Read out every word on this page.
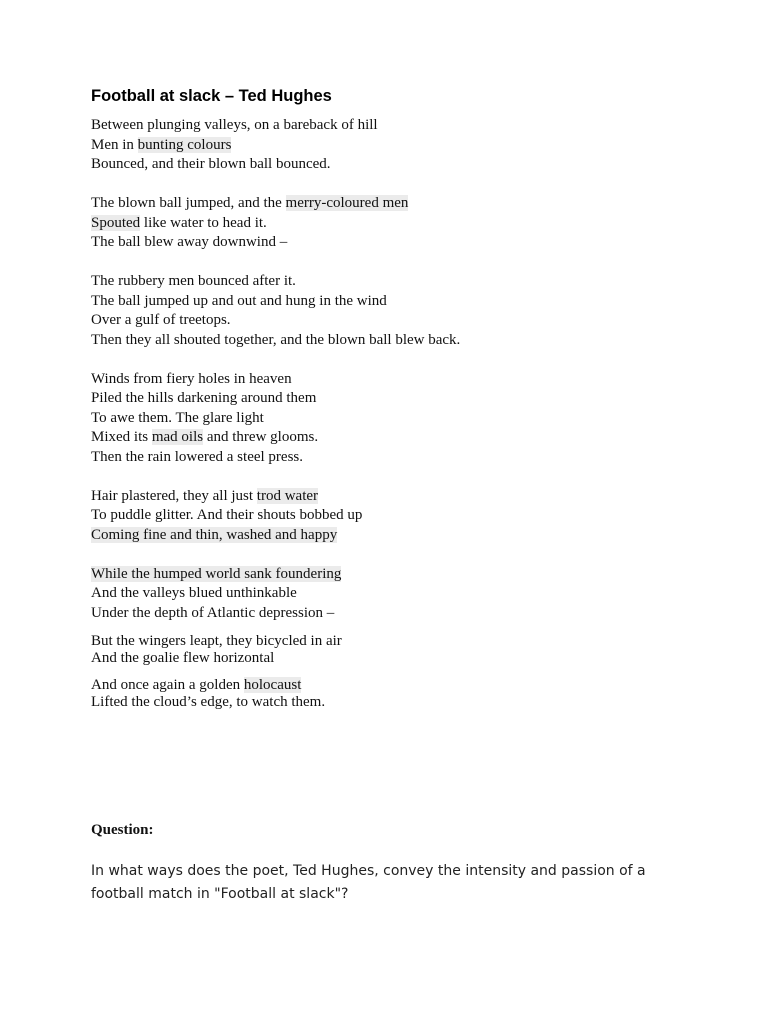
Football at slack – Ted Hughes

Between plunging valleys, on a bareback of hill
Men in bunting colours
Bounced, and their blown ball bounced.

The blown ball jumped, and the merry-coloured men
Spouted like water to head it.
The ball blew away downwind –

The rubbery men bounced after it.
The ball jumped up and out and hung in the wind
Over a gulf of treetops.
Then they all shouted together, and the blown ball blew back.

Winds from fiery holes in heaven
Piled the hills darkening around them
To awe them. The glare light
Mixed its mad oils and threw glooms.
Then the rain lowered a steel press.

Hair plastered, they all just trod water
To puddle glitter. And their shouts bobbed up
Coming fine and thin, washed and happy

While the humped world sank foundering
And the valleys blued unthinkable
Under the depth of Atlantic depression –

But the wingers leapt, they bicycled in air
And the goalie flew horizontal

And once again a golden holocaust
Lifted the cloud’s edge, to watch them.

Question:

In what ways does the poet, Ted Hughes, convey the intensity and passion of a football match in "Football at slack"?
